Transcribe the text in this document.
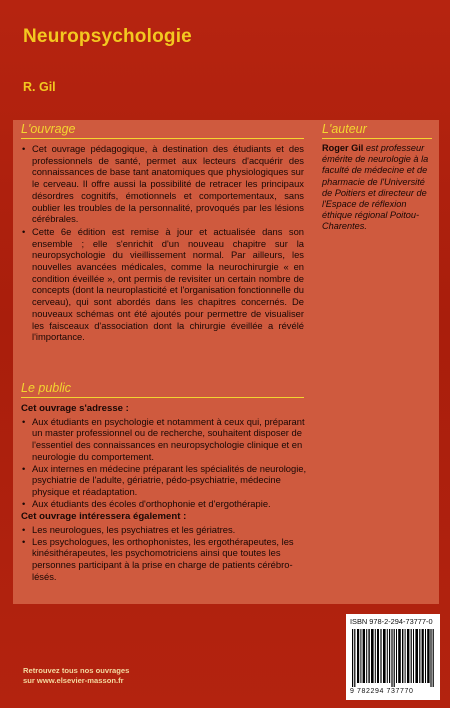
Neuropsychologie
R. Gil
L'ouvrage
• Cet ouvrage pédagogique, à destination des étudiants et des professionnels de santé, permet aux lecteurs d'acquérir des connaissances de base tant anatomiques que physiologiques sur le cerveau. Il offre aussi la possibilité de retracer les principaux désordres cognitifs, émotionnels et comportementaux, sans oublier les troubles de la personnalité, provoqués par les lésions cérébrales.
• Cette 6e édition est remise à jour et actualisée dans son ensemble ; elle s'enrichit d'un nouveau chapitre sur la neuropsychologie du vieillissement normal. Par ailleurs, les nouvelles avancées médicales, comme la neurochirurgie « en condition éveillée », ont permis de revisiter un certain nombre de concepts (dont la neuroplasticité et l'organisation fonctionnelle du cerveau), qui sont abordés dans les chapitres concernés. De nouveaux schémas ont été ajoutés pour permettre de visualiser les faisceaux d'association dont la chirurgie éveillée a révélé l'importance.
L'auteur
Roger Gil est professeur émérite de neurologie à la faculté de médecine et de pharmacie de l'Université de Poitiers et directeur de l'Espace de réflexion éthique régional Poitou-Charentes.
Le public
Cet ouvrage s'adresse :
• Aux étudiants en psychologie et notamment à ceux qui, préparant un master professionnel ou de recherche, souhaitent disposer de l'essentiel des connaissances en neuropsychologie clinique et en neurologie du comportement.
• Aux internes en médecine préparant les spécialités de neurologie, psychiatrie de l'adulte, gériatrie, pédo-psychiatrie, médecine physique et réadaptation.
• Aux étudiants des écoles d'orthophonie et d'ergothérapie.
Cet ouvrage intéressera également :
• Les neurologues, les psychiatres et les gériatres.
• Les psychologues, les orthophonistes, les ergothérapeutes, les kinésithérapeutes, les psychomotriciens ainsi que toutes les personnes participant à la prise en charge de patients cérébro-lésés.
ISBN 978-2-294-73777-0
9 782294 737770
Retrouvez tous nos ouvrages
sur www.elsevier-masson.fr
